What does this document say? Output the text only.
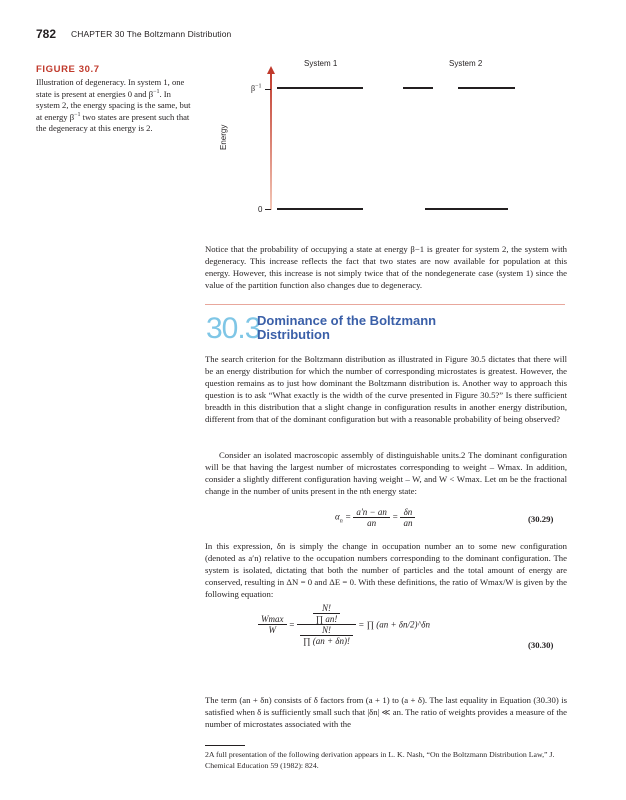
782 CHAPTER 30 The Boltzmann Distribution
FIGURE 30.7
Illustration of degeneracy. In system 1, one state is present at energies 0 and $\beta^{-1}$. In system 2, the energy spacing is the same, but at energy $\beta^{-1}$ two states are present such that the degeneracy at this energy is 2.
System 1	System 2
$\beta^{-1}$
0
Energy
Notice that the probability of occupying a state at energy β−1 is greater for system 2, the system with degeneracy. This increase reflects the fact that two states are now available for population at this energy. However, this increase is not simply twice that of the nondegenerate case (system 1) since the value of the partition function also changes due to degeneracy.
30.3
Dominance of the Boltzmann
Distribution
The search criterion for the Boltzmann distribution as illustrated in Figure 30.5 dictates that there will be an energy distribution for which the number of corresponding microstates is greatest. However, the question remains as to just how dominant the Boltzmann distribution is. Another way to approach this question is to ask “What exactly is the width of the curve presented in Figure 30.5?” Is there sufficient breadth in this distribution that a slight change in configuration results in another energy distribution, different from that of the dominant configuration but with a reasonable probability of being observed?
Consider an isolated macroscopic assembly of distinguishable units.2 The dominant configuration will be that having the largest number of microstates corresponding to weight – Wmax. In addition, consider a slightly different configuration having weight – W, and W < Wmax. Let αn be the fractional change in the number of units present in the nth energy state:
$\alpha_n = \frac{a'n - an}{an} = \frac{\delta n}{an}$	(30.29)
In this expression, δn is simply the change in occupation number an to some new configuration (denoted as a′n) relative to the occupation numbers corresponding to the dominant configuration. The system is isolated, dictating that both the number of particles and the total amount of energy are conserved, resulting in ΔN = 0 and ΔE = 0. With these definitions, the ratio of Wmax/W is given by the following equation:
$\frac{Wmax}{W} = \frac{\frac{N!}{\prod an!}}{\frac{N!}{\prod (an + \delta n)!}}$ = ∏ (an + δn/2)^δn
(30.30)
The term (an + δn) consists of δ factors from (a + 1) to (a + δ). The last equality in Equation (30.30) is satisfied when δ is sufficiently small such that |δn| ≪ an. The ratio of weights provides a measure of the number of microstates associated with the
2A full presentation of the following derivation appears in L. K. Nash, “On the Boltzmann Distribution Law,” J. Chemical Education 59 (1982): 824.
